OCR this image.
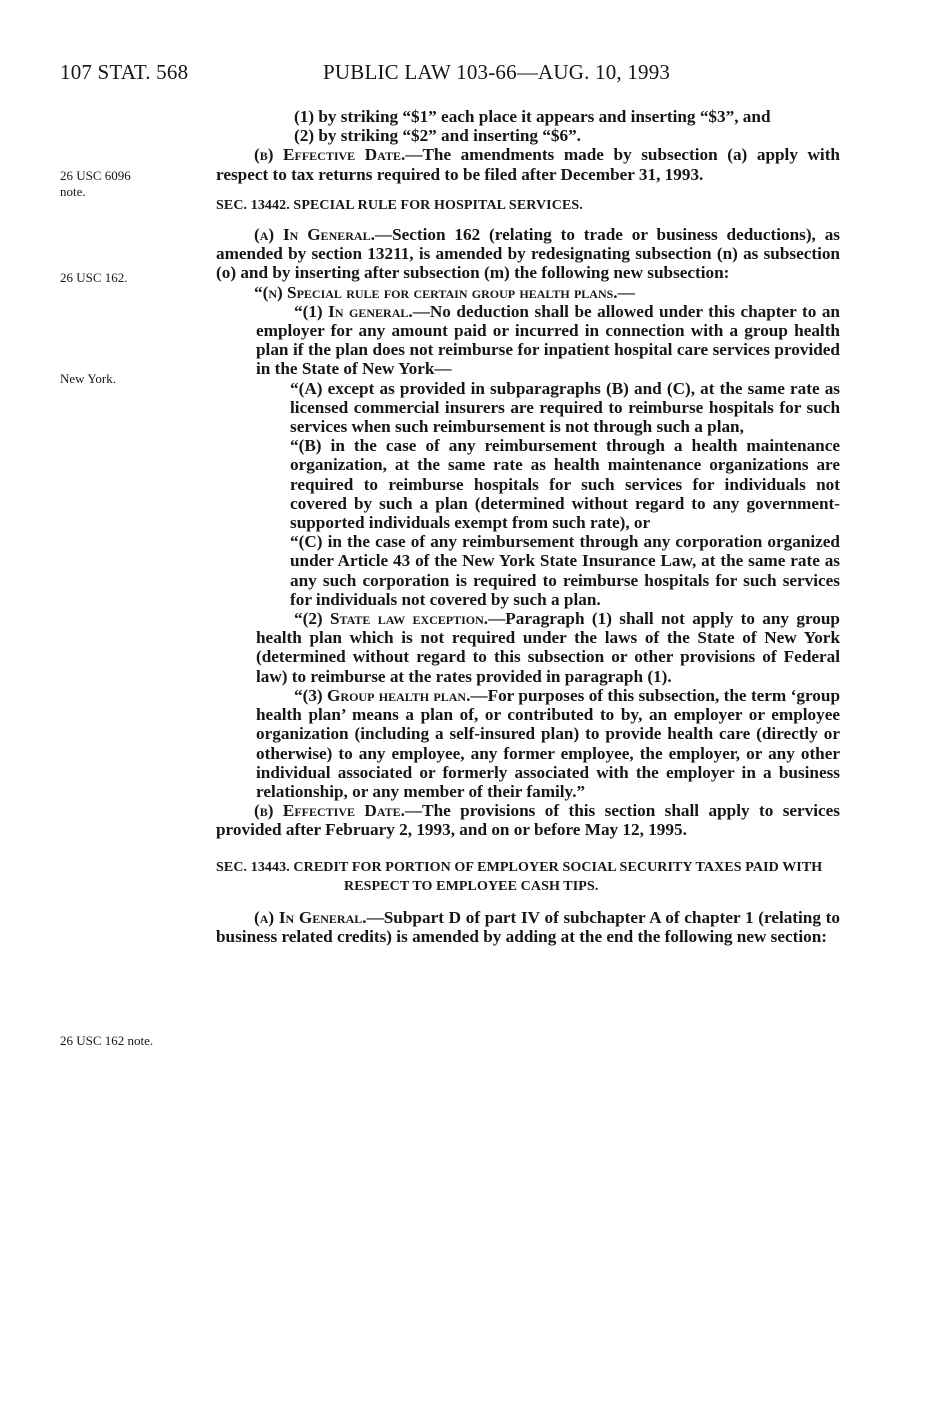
107 STAT. 568	PUBLIC LAW 103-66—AUG. 10, 1993
26 USC 6096
note.
26 USC 162.
New York.
26 USC 162 note.

(1) by striking “$1” each place it appears and inserting “$3”, and

(2) by striking “$2” and inserting “$6”.

(b) Effective Date.—The amendments made by subsection (a) apply with respect to tax returns required to be filed after December 31, 1993.

SEC. 13442. SPECIAL RULE FOR HOSPITAL SERVICES.

(a) In General.—Section 162 (relating to trade or business deductions), as amended by section 13211, is amended by redesignating subsection (n) as subsection (o) and by inserting after subsection (m) the following new subsection:

“(n) Special rule for certain group health plans.—

“(1) In general.—No deduction shall be allowed under this chapter to an employer for any amount paid or incurred in connection with a group health plan if the plan does not reimburse for inpatient hospital care services provided in the State of New York—

“(A) except as provided in subparagraphs (B) and (C), at the same rate as licensed commercial insurers are required to reimburse hospitals for such services when such reimbursement is not through such a plan,

“(B) in the case of any reimbursement through a health maintenance organization, at the same rate as health maintenance organizations are required to reimburse hospitals for such services for individuals not covered by such a plan (determined without regard to any government-supported individuals exempt from such rate), or

“(C) in the case of any reimbursement through any corporation organized under Article 43 of the New York State Insurance Law, at the same rate as any such corporation is required to reimburse hospitals for such services for individuals not covered by such a plan.

“(2) State law exception.—Paragraph (1) shall not apply to any group health plan which is not required under the laws of the State of New York (determined without regard to this subsection or other provisions of Federal law) to reimburse at the rates provided in paragraph (1).

“(3) Group health plan.—For purposes of this subsection, the term ‘group health plan’ means a plan of, or contributed to by, an employer or employee organization (including a self-insured plan) to provide health care (directly or otherwise) to any employee, any former employee, the employer, or any other individual associated or formerly associated with the employer in a business relationship, or any member of their family.”

(b) Effective Date.—The provisions of this section shall apply to services provided after February 2, 1993, and on or before May 12, 1995.

SEC. 13443. CREDIT FOR PORTION OF EMPLOYER SOCIAL SECURITY TAXES PAID WITH RESPECT TO EMPLOYEE CASH TIPS.

(a) In General.—Subpart D of part IV of subchapter A of chapter 1 (relating to business related credits) is amended by adding at the end the following new section:
